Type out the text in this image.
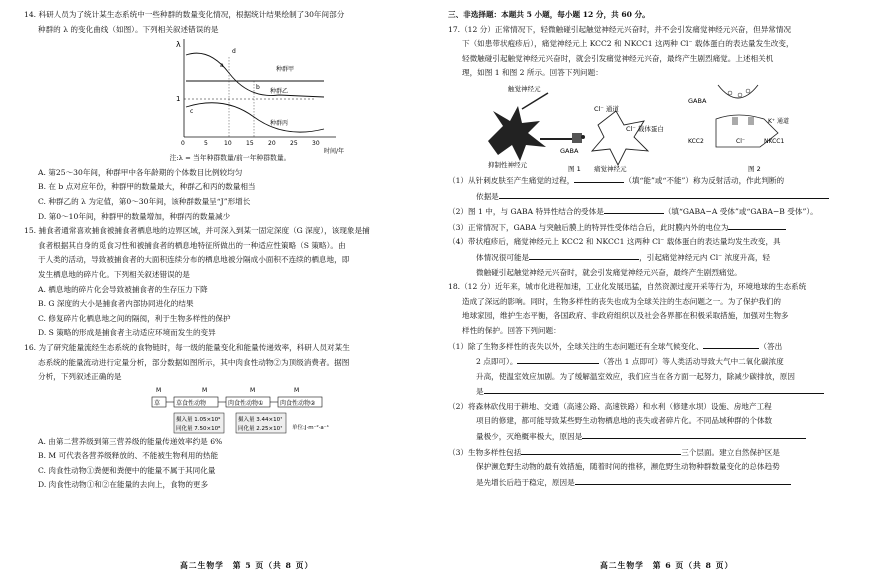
14. 科研人员为了统计某生态系统中一些种群的数量变化情况，根据统计结果绘制了30年间部分

种群的 λ 的变化曲线（如图）。下列相关叙述错误的是

λ
1
a
d
b
c
种群甲
种群乙
种群丙
0	5	10 15 20 25 30
时间/年

注:λ = 当年种群数量/前一年种群数量。

A. 第25～30年间，种群甲中各年龄期的个体数目比例较均匀

B. 在 b 点对应年份，种群甲的数量最大，种群乙和丙的数量相当

C. 种群乙的 λ 为定值，第0～30年间，该种群数量呈“J”形增长

D. 第0～10年间，种群甲的数量增加，种群丙的数量减少

15. 捕食者通常喜欢捕食被捕食者栖息地的边界区域，并可深入到某一固定深度（G 深度），该现象是捕

食者根据其自身的觅食习性和被捕食者的栖息地特征所做出的一种适应性策略（S 策略）。由

于人类的活动，导致被捕食者的大面积连续分布的栖息地被分隔成小面积不连续的栖息地，即

发生栖息地的碎片化。下列相关叙述错误的是

A. 栖息地的碎片化会导致被捕食者的生存压力下降

B. G 深度的大小是捕食者内部协同进化的结果

C. 修复碎片化栖息地之间的隔阂，利于生物多样性的保护

D. S 策略的形成是捕食者主动适应环境而发生的变异

16. 为了研究能量流经生态系统的食物链时，每一级的能量变化和能量传递效率，科研人员对某生

态系统的能量流动进行定量分析，部分数据如图所示，其中肉食性动物②为顶级消费者。据图

分析，下列叙述正确的是

M	M	M	M
草	草食性动物	肉食性动物①	肉食性动物②
摄入量 1.05×10⁹
同化量 7.50×10⁸
摄入量 3.44×10⁷
同化量 2.25×10⁷ 单位:J·m⁻²·a⁻¹

A. 由第二营养级到第三营养级的能量传递效率约是 6%

B. M 可代表各营养级释放的、不能被生物利用的热能

C. 肉食性动物①粪便和粪便中的能量不属于其同化量

D. 肉食性动物①和②在能量的去向上，食物的更多

高二生物学　第 5 页（共 8 页）

三、非选择题：本题共 5 小题，每小题 12 分，共 60 分。

17.（12 分）正常情况下，轻微触碰引起触觉神经元兴奋时，并不会引发痛觉神经元兴奋，但异常情况

下（如患带状疱疹后），痛觉神经元上 KCC2 和 NKCC1 这两种 Cl⁻ 载体蛋白的表达量发生改变，

轻微触碰引起触觉神经元兴奋时，就会引发痛觉神经元兴奋，最终产生剧烈痛觉。上述相关机

理，如图 1 和图 2 所示。回答下列问题：

触觉神经元
Cl⁻ 通道
GABA
Cl⁻ 载体蛋白
抑制性神经元	痛觉神经元
图 1
GABA
K⁺ 通道
KCC2	Cl⁻	NKCC1
图 2

（1）从针刺皮肤至产生痛觉的过程，	（填“能”或“不能”）称为反射活动，作此判断的

依据是

（2）图 1 中，与 GABA 特异性结合的受体是	（填“GABA−A 受体”或“GABA−B 受体”）。

（3）正常情况下，GABA 与突触后膜上的特异性受体结合后，此时膜内外的电位为

（4）带状疱疹后，痛觉神经元上 KCC2 和 NKCC1 这两种 Cl⁻ 载体蛋白的表达量均发生改变，具

体情况很可能是	，引起痛觉神经元内 Cl⁻ 浓度升高，轻

微触碰引起触觉神经元兴奋时，就会引发痛觉神经元兴奋，最终产生剧烈痛觉。

18.（12 分）近年来，城市化进程加速，工业化发展迅猛，自然资源过度开采等行为，环境地球的生态系统

造成了深远的影响。同时，生物多样性的丧失也成为全球关注的生态问题之一。为了保护我们的

地球家园，维护生态平衡，各国政府、非政府组织以及社会各界都在积极采取措施，加强对生物多

样性的保护。回答下列问题：

（1）除了生物多样性的丧失以外，全球关注的生态问题还有全球气候变化、	（答出

2 点即可）。	（答出 1 点即可）等人类活动导致大气中二氧化碳浓度

升高，使温室效应加剧。为了缓解温室效应，我们应当在各方面一起努力，除减少碳排放，原因

是

（2）将森林砍伐用于耕地、交通（高速公路、高速铁路）和水利（修建水坝）设施、房地产工程

项目的修建，都可能导致某些野生动物栖息地的丧失或者碎片化。不同品域种群的个体数

量极少，灭绝概率极大，原因是

（3）生物多样性包括	三个层面。建立自然保护区是

保护濒危野生动物的最有效措施，随着时间的推移，濒危野生动物种群数量变化的总体趋势

是先增长后趋于稳定，原因是

高二生物学　第 6 页（共 8 页）
